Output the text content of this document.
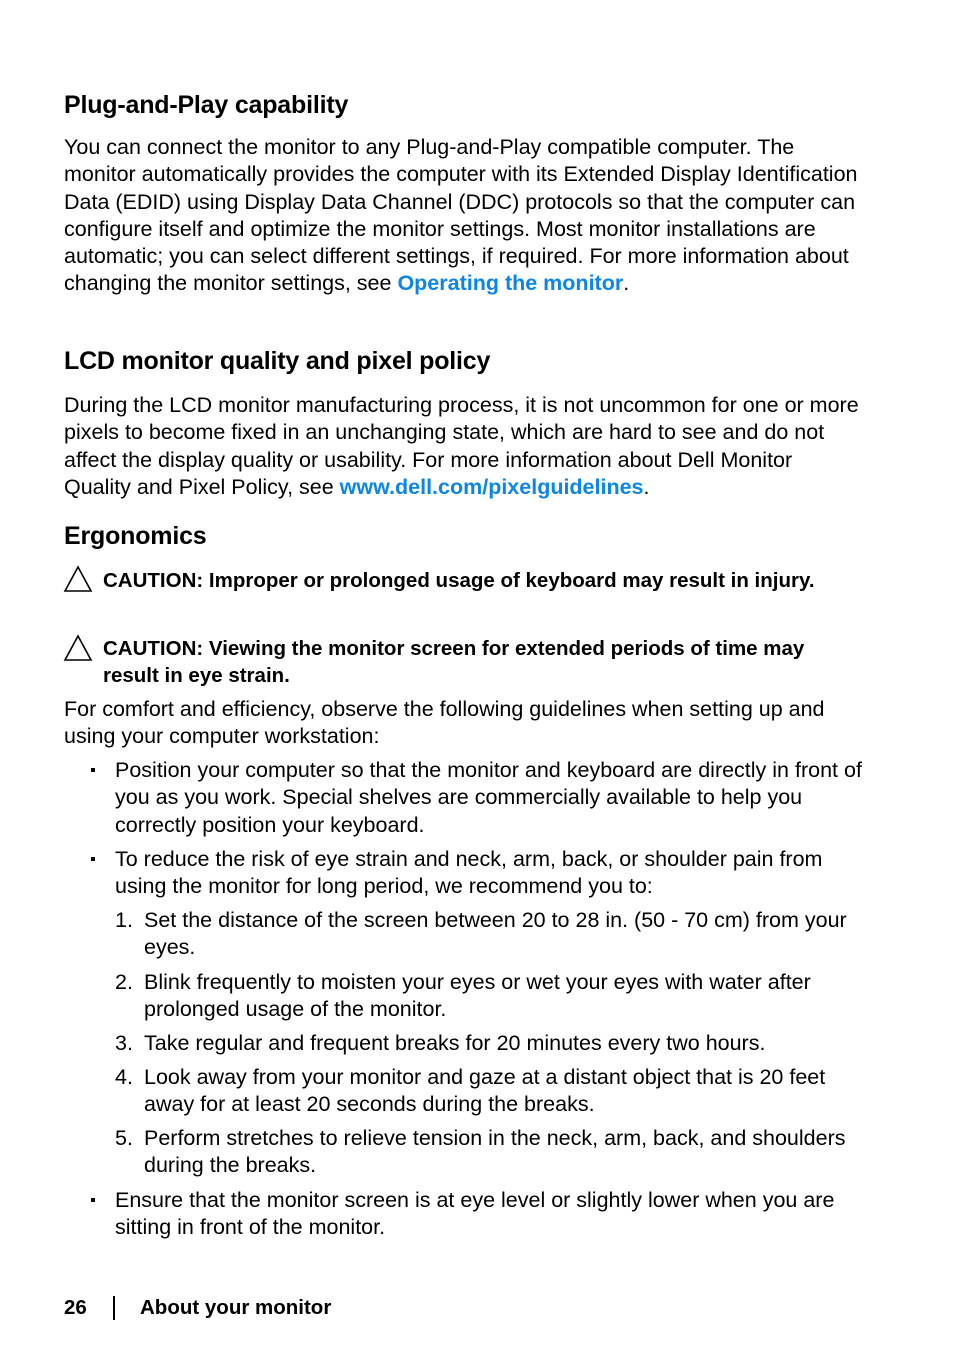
Plug-and-Play capability

You can connect the monitor to any Plug-and-Play compatible computer. The monitor automatically provides the computer with its Extended Display Identification Data (EDID) using Display Data Channel (DDC) protocols so that the computer can configure itself and optimize the monitor settings. Most monitor installations are automatic; you can select different settings, if required. For more information about changing the monitor settings, see Operating the monitor.

LCD monitor quality and pixel policy

During the LCD monitor manufacturing process, it is not uncommon for one or more pixels to become fixed in an unchanging state, which are hard to see and do not affect the display quality or usability. For more information about Dell Monitor Quality and Pixel Policy, see www.dell.com/pixelguidelines.

Ergonomics

CAUTION: Improper or prolonged usage of keyboard may result in injury.

CAUTION: Viewing the monitor screen for extended periods of time may result in eye strain.

For comfort and efficiency, observe the following guidelines when setting up and using your computer workstation:

Position your computer so that the monitor and keyboard are directly in front of you as you work. Special shelves are commercially available to help you correctly position your keyboard.

To reduce the risk of eye strain and neck, arm, back, or shoulder pain from using the monitor for long period, we recommend you to:

1. Set the distance of the screen between 20 to 28 in. (50 - 70 cm) from your eyes.

2. Blink frequently to moisten your eyes or wet your eyes with water after prolonged usage of the monitor.

3. Take regular and frequent breaks for 20 minutes every two hours.

4. Look away from your monitor and gaze at a distant object that is 20 feet away for at least 20 seconds during the breaks.

5. Perform stretches to relieve tension in the neck, arm, back, and shoulders during the breaks.

Ensure that the monitor screen is at eye level or slightly lower when you are sitting in front of the monitor.

26	About your monitor
